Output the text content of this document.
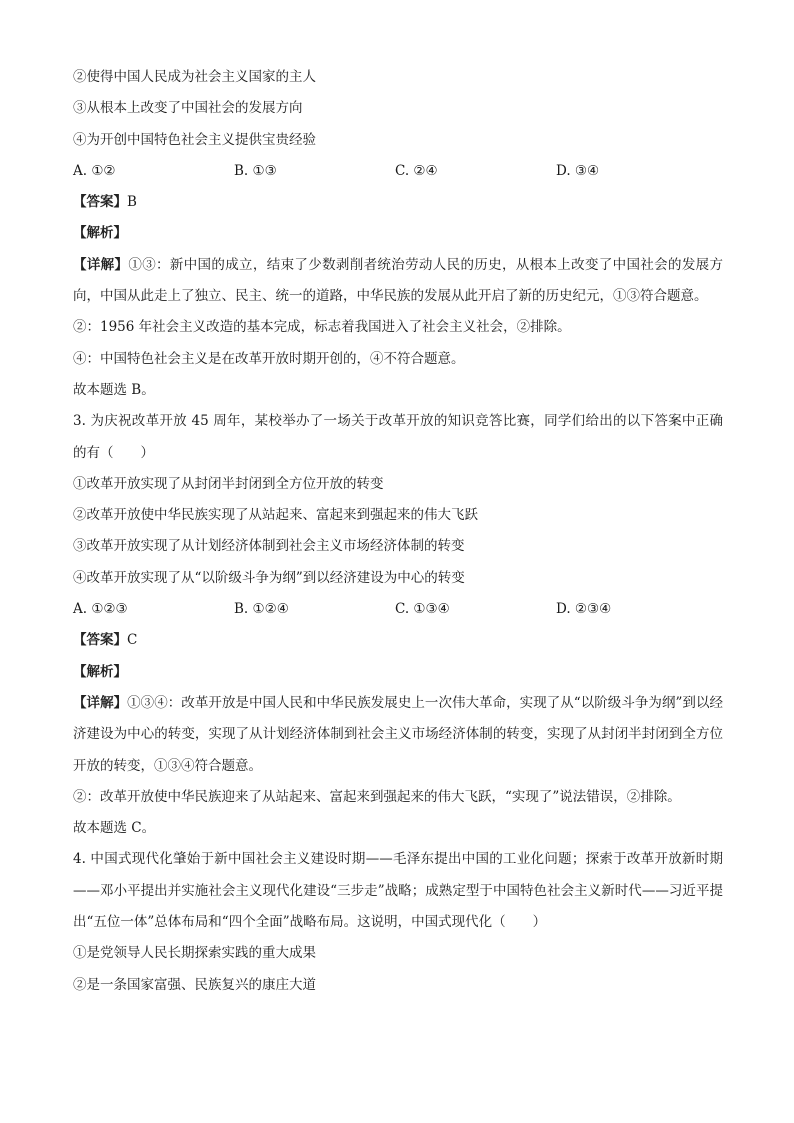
②使得中国人民成为社会主义国家的主人
③从根本上改变了中国社会的发展方向
④为开创中国特色社会主义提供宝贵经验
A. ①②	B. ①③	C. ②④	D. ③④
【答案】B
【解析】
【详解】①③：新中国的成立，结束了少数剥削者统治劳动人民的历史，从根本上改变了中国社会的发展方向，中国从此走上了独立、民主、统一的道路，中华民族的发展从此开启了新的历史纪元，①③符合题意。
②：1956 年社会主义改造的基本完成，标志着我国进入了社会主义社会，②排除。
④：中国特色社会主义是在改革开放时期开创的，④不符合题意。
故本题选 B。
3. 为庆祝改革开放 45 周年，某校举办了一场关于改革开放的知识竞答比赛，同学们给出的以下答案中正确的有（　　）
①改革开放实现了从封闭半封闭到全方位开放的转变
②改革开放使中华民族实现了从站起来、富起来到强起来的伟大飞跃
③改革开放实现了从计划经济体制到社会主义市场经济体制的转变
④改革开放实现了从“以阶级斗争为纲”到以经济建设为中心的转变
A. ①②③	B. ①②④	C. ①③④	D. ②③④
【答案】C
【解析】
【详解】①③④：改革开放是中国人民和中华民族发展史上一次伟大革命，实现了从“以阶级斗争为纲”到以经济建设为中心的转变，实现了从计划经济体制到社会主义市场经济体制的转变，实现了从封闭半封闭到全方位开放的转变，①③④符合题意。
②：改革开放使中华民族迎来了从站起来、富起来到强起来的伟大飞跃，“实现了”说法错误，②排除。
故本题选 C。
4. 中国式现代化肇始于新中国社会主义建设时期——毛泽东提出中国的工业化问题；探索于改革开放新时期——邓小平提出并实施社会主义现代化建设“三步走”战略；成熟定型于中国特色社会主义新时代——习近平提出“五位一体”总体布局和“四个全面”战略布局。这说明，中国式现代化（　　）
①是党领导人民长期探索实践的重大成果
②是一条国家富强、民族复兴的康庄大道
